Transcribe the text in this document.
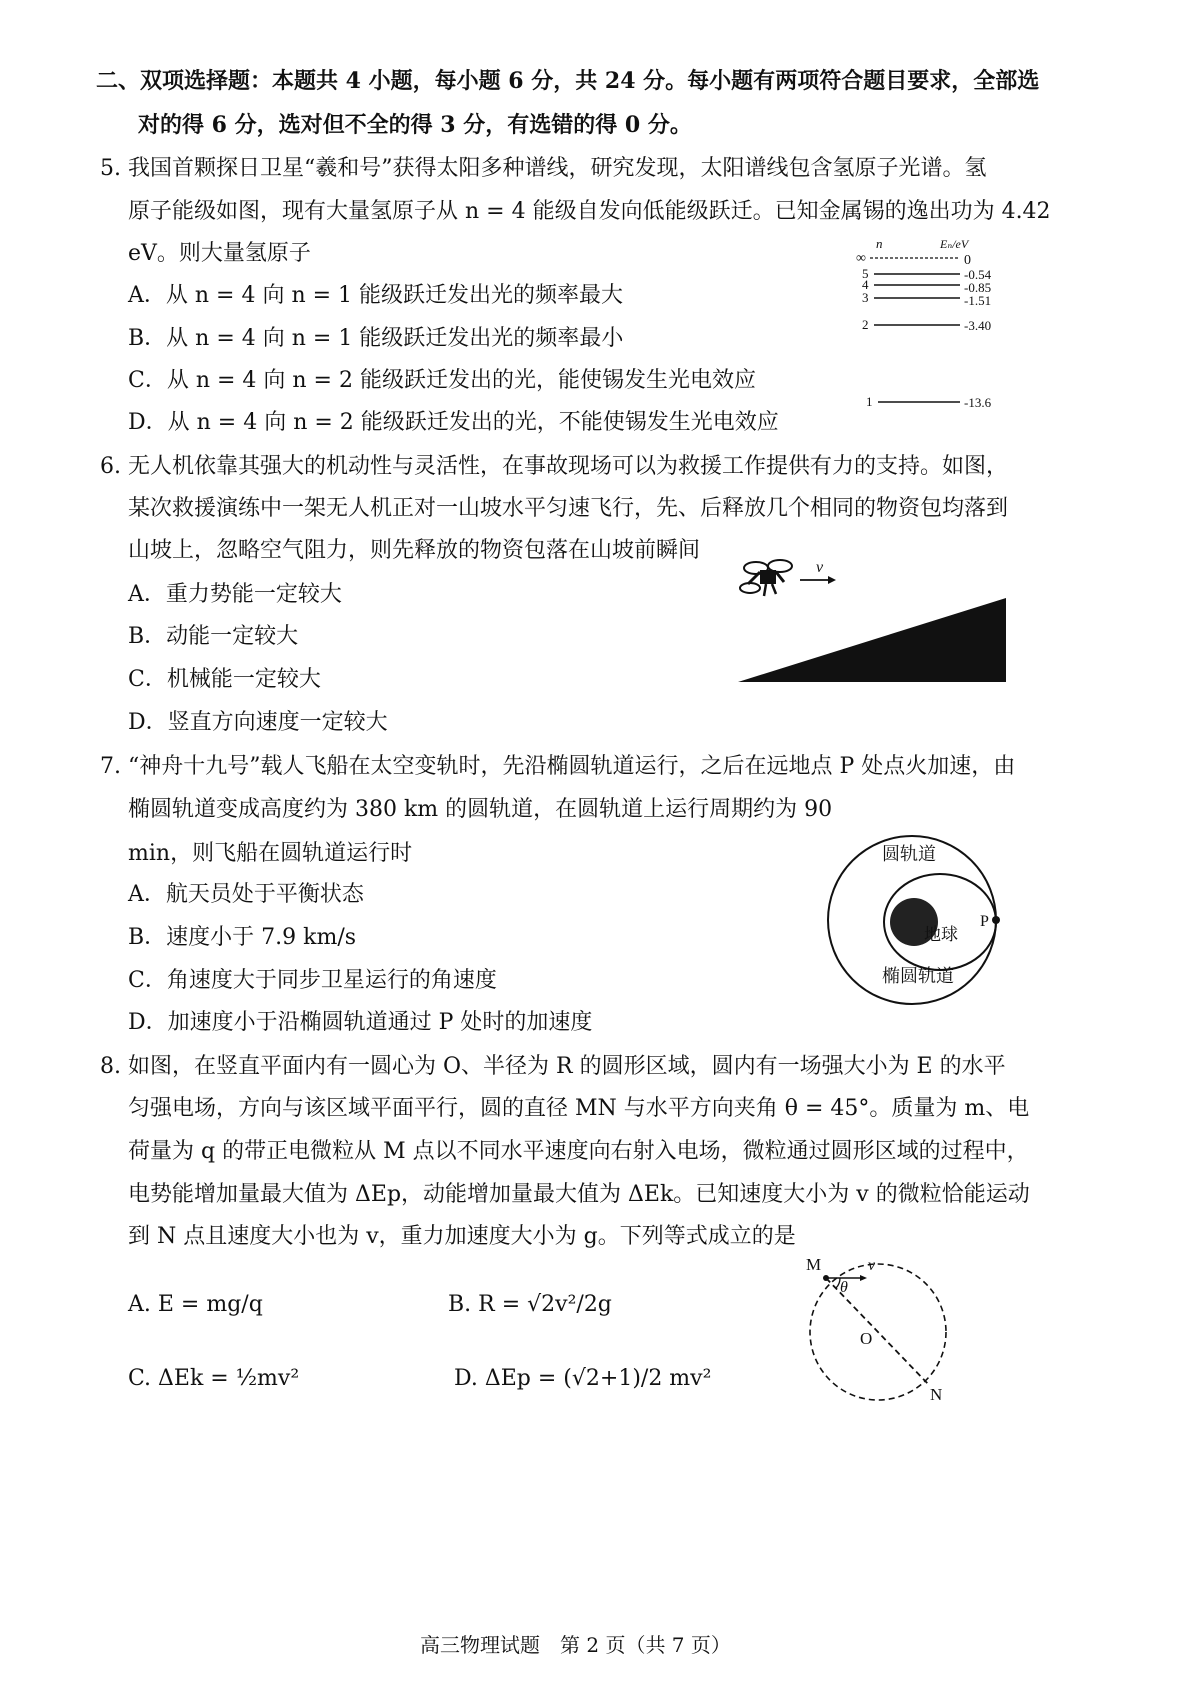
二、双项选择题：本题共 4 小题，每小题 6 分，共 24 分。每小题有两项符合题目要求，全部选
对的得 6 分，选对但不全的得 3 分，有选错的得 0 分。
5. 我国首颗探日卫星“羲和号”获得太阳多种谱线，研究发现，太阳谱线包含氢原子光谱。氢
原子能级如图，现有大量氢原子从 n = 4 能级自发向低能级跃迁。已知金属锡的逸出功为 4.42
eV。则大量氢原子
A．从 n = 4 向 n = 1 能级跃迁发出光的频率最大
B．从 n = 4 向 n = 1 能级跃迁发出光的频率最小
C．从 n = 4 向 n = 2 能级跃迁发出的光，能使锡发生光电效应
D．从 n = 4 向 n = 2 能级跃迁发出的光，不能使锡发生光电效应
n	Eₙ/eV
∞	0
5	-0.54
4	-0.85
3	-1.51
2	-3.40
1	-13.6
6. 无人机依靠其强大的机动性与灵活性，在事故现场可以为救援工作提供有力的支持。如图，
某次救援演练中一架无人机正对一山坡水平匀速飞行，先、后释放几个相同的物资包均落到
山坡上，忽略空气阻力，则先释放的物资包落在山坡前瞬间
A．重力势能一定较大
B．动能一定较大
C．机械能一定较大
D．竖直方向速度一定较大
v
7. “神舟十九号”载人飞船在太空变轨时，先沿椭圆轨道运行，之后在远地点 P 处点火加速，由
椭圆轨道变成高度约为 380 km 的圆轨道，在圆轨道上运行周期约为 90
min，则飞船在圆轨道运行时
A．航天员处于平衡状态
B．速度小于 7.9 km/s
C．角速度大于同步卫星运行的角速度
D．加速度小于沿椭圆轨道通过 P 处时的加速度
P
圆轨道
地球
椭圆轨道
8. 如图，在竖直平面内有一圆心为 O、半径为 R 的圆形区域，圆内有一场强大小为 E 的水平
匀强电场，方向与该区域平面平行，圆的直径 MN 与水平方向夹角 θ = 45°。质量为 m、电
荷量为 q 的带正电微粒从 M 点以不同水平速度向右射入电场，微粒通过圆形区域的过程中，
电势能增加量最大值为 ΔEp，动能增加量最大值为 ΔEk。已知速度大小为 v 的微粒恰能运动
到 N 点且速度大小也为 v，重力加速度大小为 g。下列等式成立的是
A. E = mg/q	B. R = √2v²/2g
C. ΔEk = ½mv²	D. ΔEp = (√2+1)/2 mv²
M	v
θ
O
N
高三物理试题　第 2 页（共 7 页）
